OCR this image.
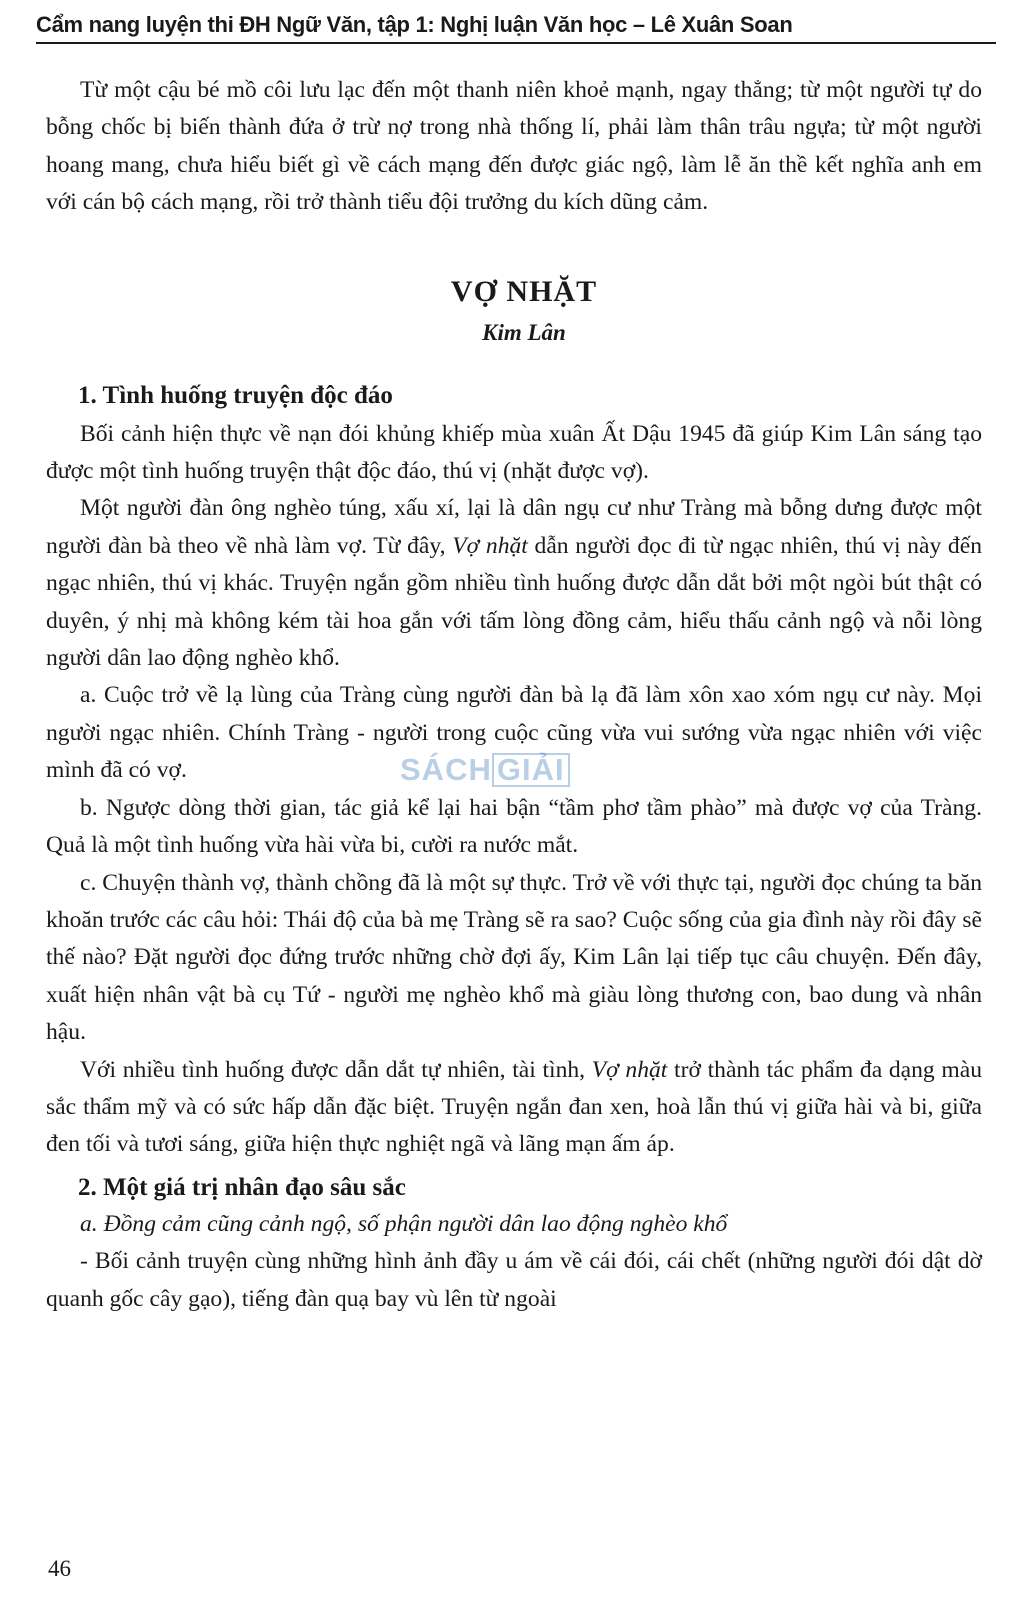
Cẩm nang luyện thi ĐH Ngữ Văn, tập 1: Nghị luận Văn học – Lê Xuân Soan

Từ một cậu bé mồ côi lưu lạc đến một thanh niên khoẻ mạnh, ngay thẳng; từ một người tự do bỗng chốc bị biến thành đứa ở trừ nợ trong nhà thống lí, phải làm thân trâu ngựa; từ một người hoang mang, chưa hiểu biết gì về cách mạng đến được giác ngộ, làm lễ ăn thề kết nghĩa anh em với cán bộ cách mạng, rồi trở thành tiểu đội trưởng du kích dũng cảm.

VỢ NHẶT
Kim Lân
1. Tình huống truyện độc đáo

Bối cảnh hiện thực về nạn đói khủng khiếp mùa xuân Ất Dậu 1945 đã giúp Kim Lân sáng tạo được một tình huống truyện thật độc đáo, thú vị (nhặt được vợ).

Một người đàn ông nghèo túng, xấu xí, lại là dân ngụ cư như Tràng mà bỗng dưng được một người đàn bà theo về nhà làm vợ. Từ đây, Vợ nhặt dẫn người đọc đi từ ngạc nhiên, thú vị này đến ngạc nhiên, thú vị khác. Truyện ngắn gồm nhiều tình huống được dẫn dắt bởi một ngòi bút thật có duyên, ý nhị mà không kém tài hoa gắn với tấm lòng đồng cảm, hiểu thấu cảnh ngộ và nỗi lòng người dân lao động nghèo khổ.

a. Cuộc trở về lạ lùng của Tràng cùng người đàn bà lạ đã làm xôn xao xóm ngụ cư này. Mọi người ngạc nhiên. Chính Tràng - người trong cuộc cũng vừa vui sướng vừa ngạc nhiên với việc mình đã có vợ.

b. Ngược dòng thời gian, tác giả kể lại hai bận “tầm phơ tầm phào” mà được vợ của Tràng. Quả là một tình huống vừa hài vừa bi, cười ra nước mắt.

c. Chuyện thành vợ, thành chồng đã là một sự thực. Trở về với thực tại, người đọc chúng ta băn khoăn trước các câu hỏi: Thái độ của bà mẹ Tràng sẽ ra sao? Cuộc sống của gia đình này rồi đây sẽ thế nào? Đặt người đọc đứng trước những chờ đợi ấy, Kim Lân lại tiếp tục câu chuyện. Đến đây, xuất hiện nhân vật bà cụ Tứ - người mẹ nghèo khổ mà giàu lòng thương con, bao dung và nhân hậu.

Với nhiều tình huống được dẫn dắt tự nhiên, tài tình, Vợ nhặt trở thành tác phẩm đa dạng màu sắc thẩm mỹ và có sức hấp dẫn đặc biệt. Truyện ngắn đan xen, hoà lẫn thú vị giữa hài và bi, giữa đen tối và tươi sáng, giữa hiện thực nghiệt ngã và lãng mạn ấm áp.

2. Một giá trị nhân đạo sâu sắc

a. Đồng cảm cũng cảnh ngộ, số phận người dân lao động nghèo khổ

- Bối cảnh truyện cùng những hình ảnh đầy u ám về cái đói, cái chết (những người đói dật dờ quanh gốc cây gạo), tiếng đàn quạ bay vù lên từ ngoài

SÁCH GIẢI
46
